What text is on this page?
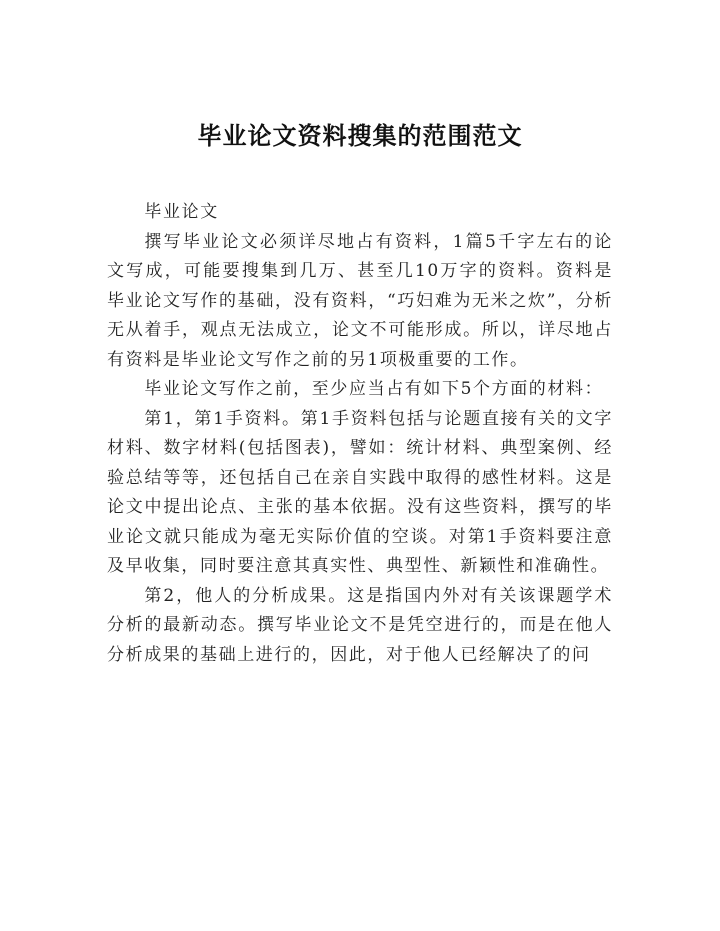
毕业论文资料搜集的范围范文

毕业论文

撰写毕业论文必须详尽地占有资料，1篇5千字左右的论文写成，可能要搜集到几万、甚至几10万字的资料。资料是毕业论文写作的基础，没有资料，“巧妇难为无米之炊”，分析无从着手，观点无法成立，论文不可能形成。所以，详尽地占有资料是毕业论文写作之前的另1项极重要的工作。

毕业论文写作之前，至少应当占有如下5个方面的材料：

第1，第1手资料。第1手资料包括与论题直接有关的文字材料、数字材料(包括图表)，譬如：统计材料、典型案例、经验总结等等，还包括自己在亲自实践中取得的感性材料。这是论文中提出论点、主张的基本依据。没有这些资料，撰写的毕业论文就只能成为毫无实际价值的空谈。对第1手资料要注意及早收集，同时要注意其真实性、典型性、新颖性和准确性。

第2，他人的分析成果。这是指国内外对有关该课题学术分析的最新动态。撰写毕业论文不是凭空进行的，而是在他人分析成果的基础上进行的，因此，对于他人已经解决了的问
